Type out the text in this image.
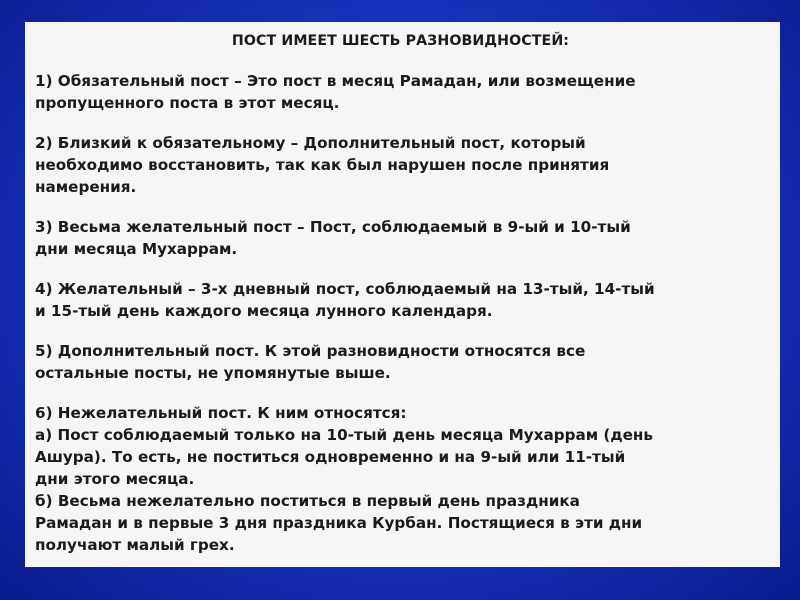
ПОСТ ИМЕЕТ ШЕСТЬ РАЗНОВИДНОСТЕЙ:
1) Обязательный пост – Это пост в месяц Рамадан, или возмещение
пропущенного поста в этот месяц.
2) Близкий к обязательному – Дополнительный пост, который
необходимо восстановить, так как был нарушен после принятия
намерения.
3) Весьма желательный пост – Пост, соблюдаемый в 9-ый и 10-тый
дни месяца Мухаррам.
4) Желательный – 3-х дневный пост, соблюдаемый на 13-тый, 14-тый
и 15-тый день каждого месяца лунного календаря.
5) Дополнительный пост. К этой разновидности относятся все
остальные посты, не упомянутые выше.
6) Нежелательный пост. К ним относятся:
а) Пост соблюдаемый только на 10-тый день месяца Мухаррам (день
Ашура). То есть, не поститься одновременно и на 9-ый или 11-тый
дни этого месяца.
б) Весьма нежелательно поститься в первый день праздника
Рамадан и в первые 3 дня праздника Курбан. Постящиеся в эти дни
получают малый грех.
